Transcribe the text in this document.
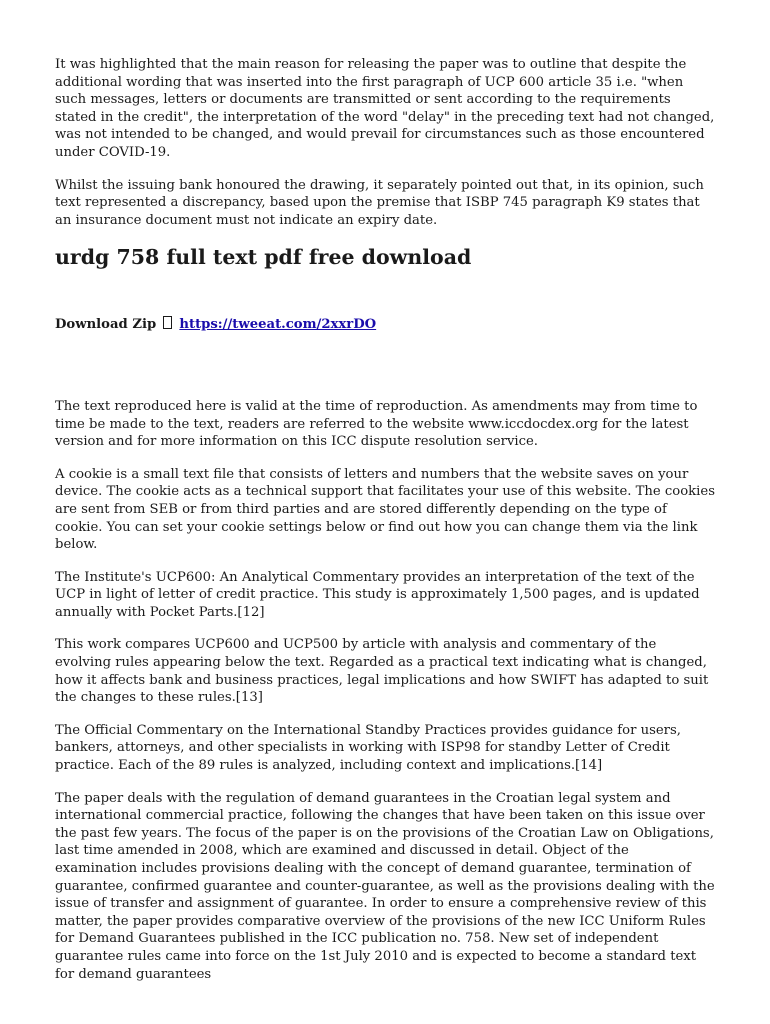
It was highlighted that the main reason for releasing the paper was to outline that despite the additional wording that was inserted into the first paragraph of UCP 600 article 35 i.e. "when such messages, letters or documents are transmitted or sent according to the requirements stated in the credit", the interpretation of the word "delay" in the preceding text had not changed, was not intended to be changed, and would prevail for circumstances such as those encountered under COVID-19.

Whilst the issuing bank honoured the drawing, it separately pointed out that, in its opinion, such text represented a discrepancy, based upon the premise that ISBP 745 paragraph K9 states that an insurance document must not indicate an expiry date.

urdg 758 full text pdf free download
Download Zip https://tweeat.com/2xxrDO

The text reproduced here is valid at the time of reproduction. As amendments may from time to time be made to the text, readers are referred to the website www.iccdocdex.org for the latest version and for more information on this ICC dispute resolution service.

A cookie is a small text file that consists of letters and numbers that the website saves on your device. The cookie acts as a technical support that facilitates your use of this website. The cookies are sent from SEB or from third parties and are stored differently depending on the type of cookie. You can set your cookie settings below or find out how you can change them via the link below.

The Institute's UCP600: An Analytical Commentary provides an interpretation of the text of the UCP in light of letter of credit practice. This study is approximately 1,500 pages, and is updated annually with Pocket Parts.[12]

This work compares UCP600 and UCP500 by article with analysis and commentary of the evolving rules appearing below the text. Regarded as a practical text indicating what is changed, how it affects bank and business practices, legal implications and how SWIFT has adapted to suit the changes to these rules.[13]

The Official Commentary on the International Standby Practices provides guidance for users, bankers, attorneys, and other specialists in working with ISP98 for standby Letter of Credit practice. Each of the 89 rules is analyzed, including context and implications.[14]

The paper deals with the regulation of demand guarantees in the Croatian legal system and international commercial practice, following the changes that have been taken on this issue over the past few years. The focus of the paper is on the provisions of the Croatian Law on Obligations, last time amended in 2008, which are examined and discussed in detail. Object of the examination includes provisions dealing with the concept of demand guarantee, termination of guarantee, confirmed guarantee and counter-guarantee, as well as the provisions dealing with the issue of transfer and assignment of guarantee. In order to ensure a comprehensive review of this matter, the paper provides comparative overview of the provisions of the new ICC Uniform Rules for Demand Guarantees published in the ICC publication no. 758. New set of independent guarantee rules came into force on the 1st July 2010 and is expected to become a standard text for demand guarantees
